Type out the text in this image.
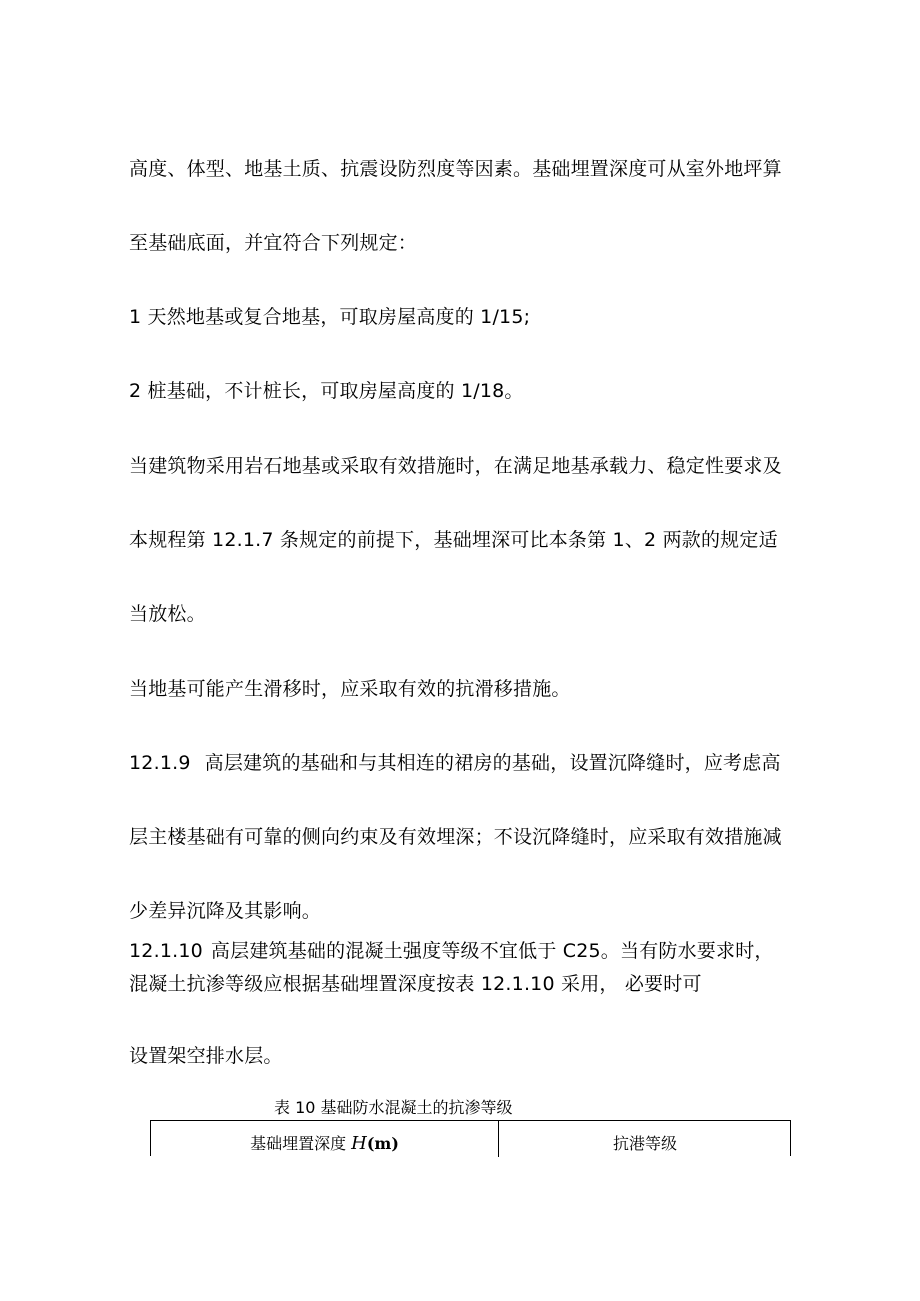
高度、体型、地基土质、抗震设防烈度等因素。基础埋置深度可从室外地坪算
至基础底面，并宜符合下列规定：
1 天然地基或复合地基，可取房屋高度的 1/15;
2 桩基础，不计桩长，可取房屋高度的 1/18。
当建筑物采用岩石地基或采取有效措施时，在满足地基承载力、稳定性要求及
本规程第 12.1.7 条规定的前提下，基础埋深可比本条第 1、2 两款的规定适
当放松。
当地基可能产生滑移时，应采取有效的抗滑移措施。
12.1.9 高层建筑的基础和与其相连的裙房的基础，设置沉降缝时，应考虑高
层主楼基础有可靠的侧向约束及有效埋深；不设沉降缝时，应采取有效措施减
少差异沉降及其影响。
12.1.10 高层建筑基础的混凝土强度等级不宜低于 C25。当有防水要求时，
混凝土抗渗等级应根据基础埋置深度按表 12.1.10 采用， 必要时可
设置架空排水层。
表 10 基础防水混凝土的抗渗等级
基础埋置深度 H(m)	抗港等级
